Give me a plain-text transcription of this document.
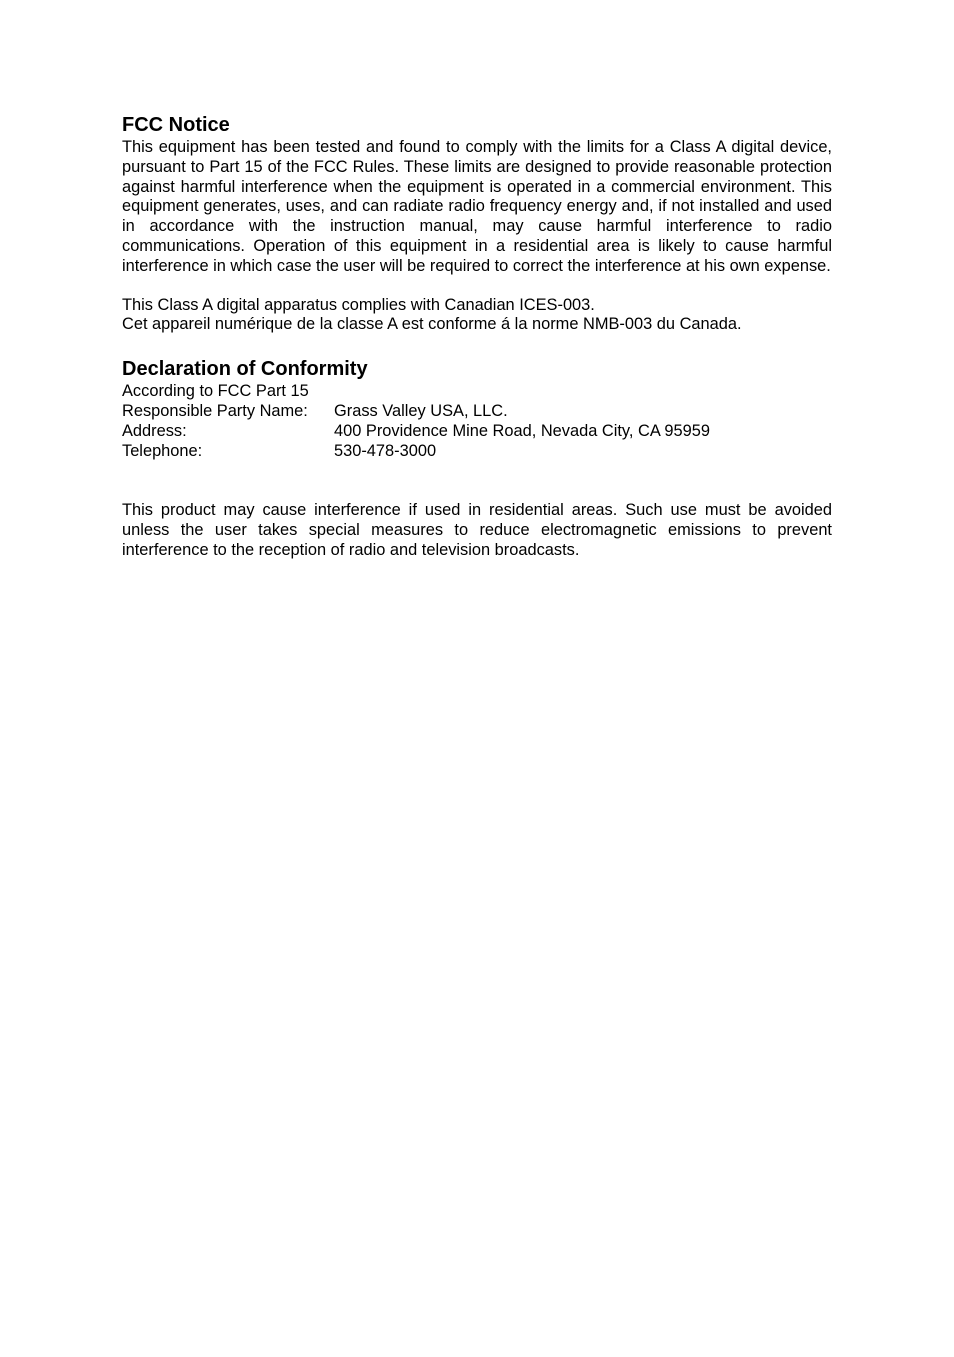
FCC Notice

This equipment has been tested and found to comply with the limits for a Class A digital device, pursuant to Part 15 of the FCC Rules. These limits are designed to provide reasonable protection against harmful interference when the equipment is operated in a commercial environment. This equipment generates, uses, and can radiate radio frequency energy and, if not installed and used in accordance with the instruction manual, may cause harmful interference to radio communications. Operation of this equipment in a residential area is likely to cause harmful interference in which case the user will be required to correct the interference at his own expense.

This Class A digital apparatus complies with Canadian ICES-003.

Cet appareil numérique de la classe A est conforme á la norme NMB-003 du Canada.

Declaration of Conformity

According to FCC Part 15

Responsible Party Name:	Grass Valley USA, LLC.
Address:	400 Providence Mine Road, Nevada City, CA 95959
Telephone:	530-478-3000

This product may cause interference if used in residential areas. Such use must be avoided unless the user takes special measures to reduce electromagnetic emissions to prevent interference to the reception of radio and television broadcasts.
